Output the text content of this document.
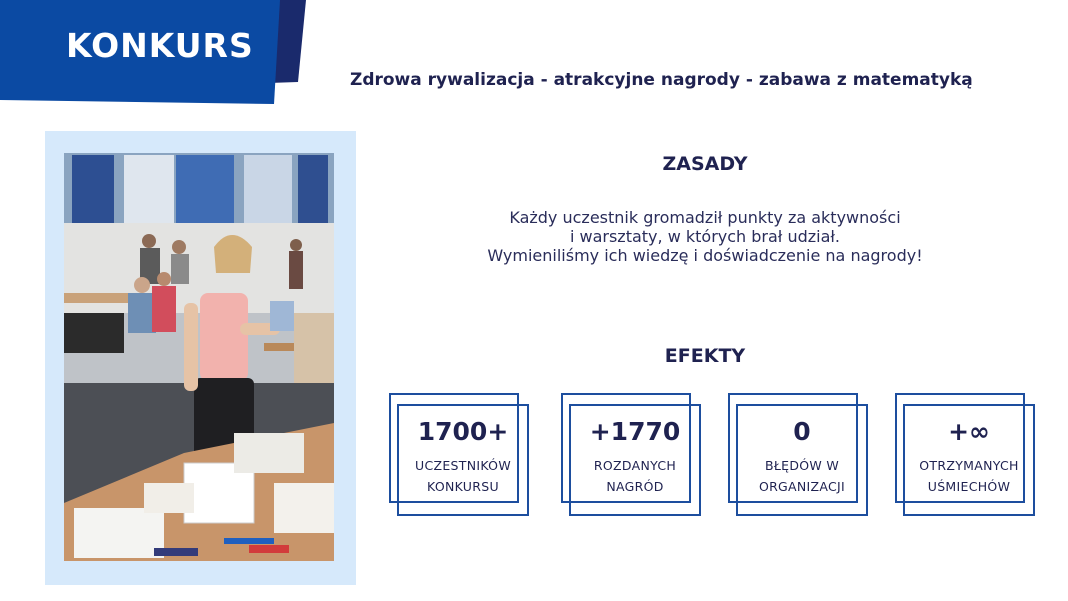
KONKURS
Zdrowa rywalizacja - atrakcyjne nagrody - zabawa z matematyką
ZASADY
Każdy uczestnik gromadził punkty za aktywności
i warsztaty, w których brał udział.
Wymieniliśmy ich wiedzę i doświadczenie na nagrody!
EFEKTY
1700+
UCZESTNIKÓW
KONKURSU
+1770
ROZDANYCH
NAGRÓD
0
BŁĘDÓW W
ORGANIZACJI
+∞
OTRZYMANYCH
UŚMIECHÓW
